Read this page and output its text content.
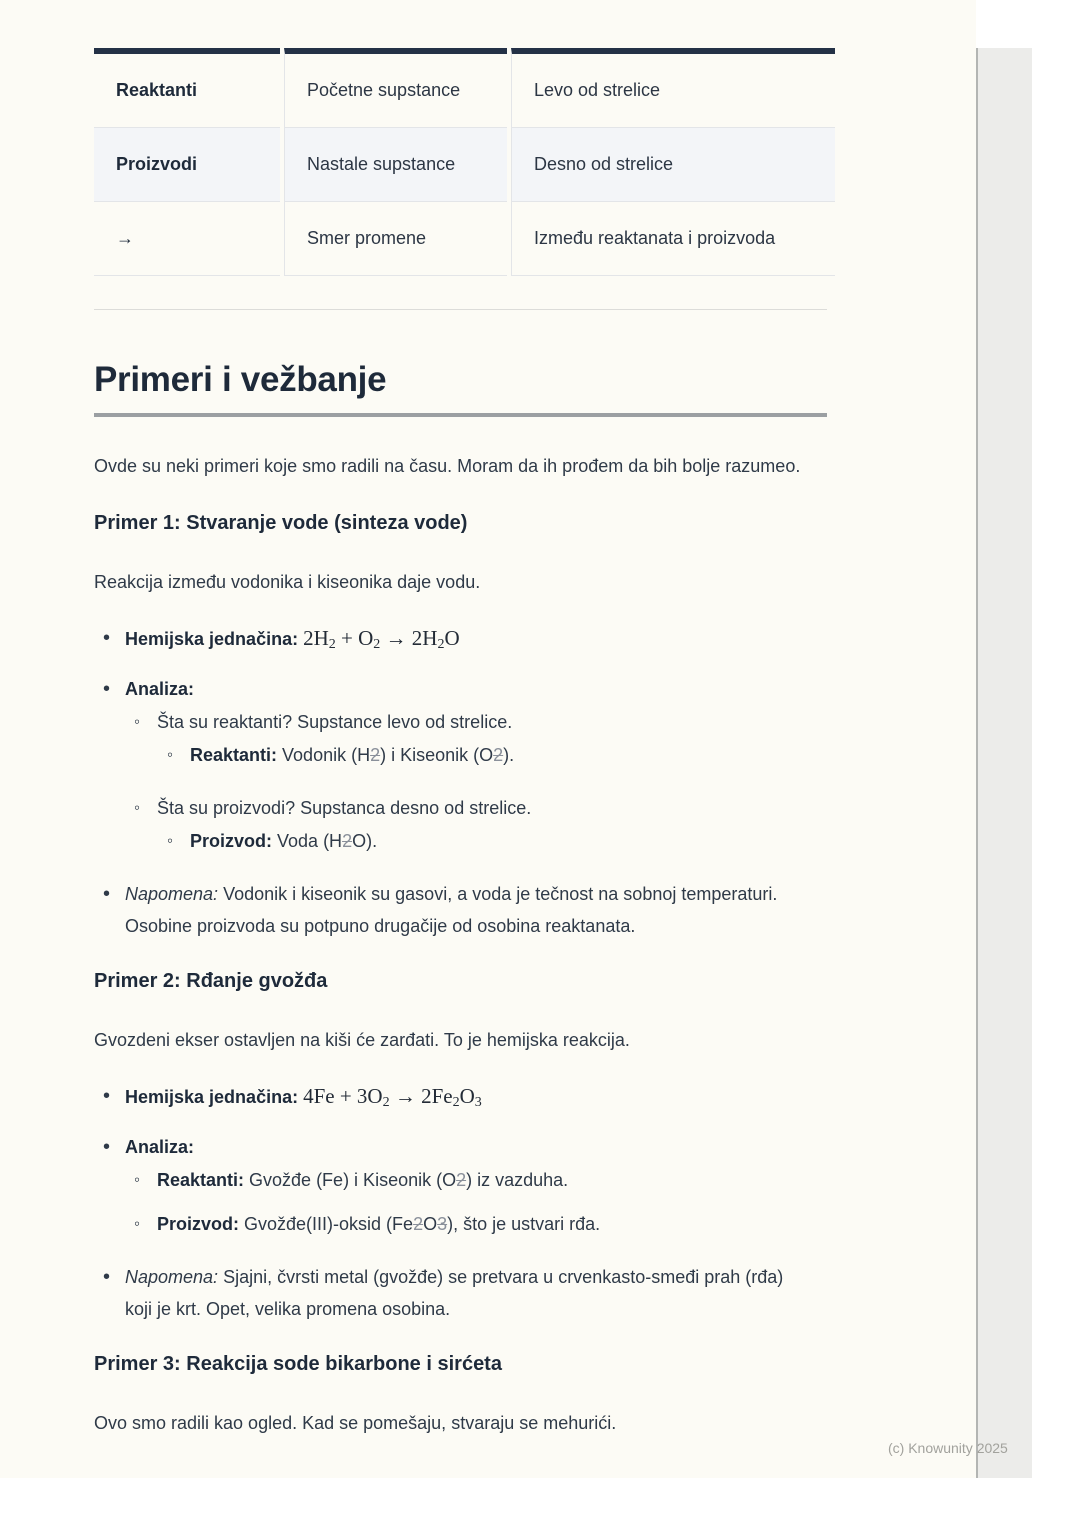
Reaktanti	Početne supstance	Levo od strelice
Proizvodi	Nastale supstance	Desno od strelice
→	Smer promene	Između reaktanata i proizvoda
Primeri i vežbanje

Ovde su neki primeri koje smo radili na času. Moram da ih prođem da bih bolje razumeo.

Primer 1: Stvaranje vode (sinteza vode)

Reakcija između vodonika i kiseonika daje vodu.

• Hemijska jednačina: 2H2 + O2 → 2H2O
• Analiza:
◦ Šta su reaktanti? Supstance levo od strelice.
◦ Reaktanti: Vodonik (H2) i Kiseonik (O2).
◦ Šta su proizvodi? Supstanca desno od strelice.
◦ Proizvod: Voda (H2O).
• Napomena: Vodonik i kiseonik su gasovi, a voda je tečnost na sobnoj temperaturi. Osobine proizvoda su potpuno drugačije od osobina reaktanata.
Primer 2: Rđanje gvožđa

Gvozdeni ekser ostavljen na kiši će zarđati. To je hemijska reakcija.

• Hemijska jednačina: 4Fe + 3O2 → 2Fe2O3
• Analiza:
◦ Reaktanti: Gvožđe (Fe) i Kiseonik (O2) iz vazduha.
◦ Proizvod: Gvožđe(III)-oksid (Fe2O3), što je ustvari rđa.
• Napomena: Sjajni, čvrsti metal (gvožđe) se pretvara u crvenkasto-smeđi prah (rđa) koji je krt. Opet, velika promena osobina.
Primer 3: Reakcija sode bikarbone i sirćeta

Ovo smo radili kao ogled. Kad se pomešaju, stvaraju se mehurići.

(c) Knowunity 2025
